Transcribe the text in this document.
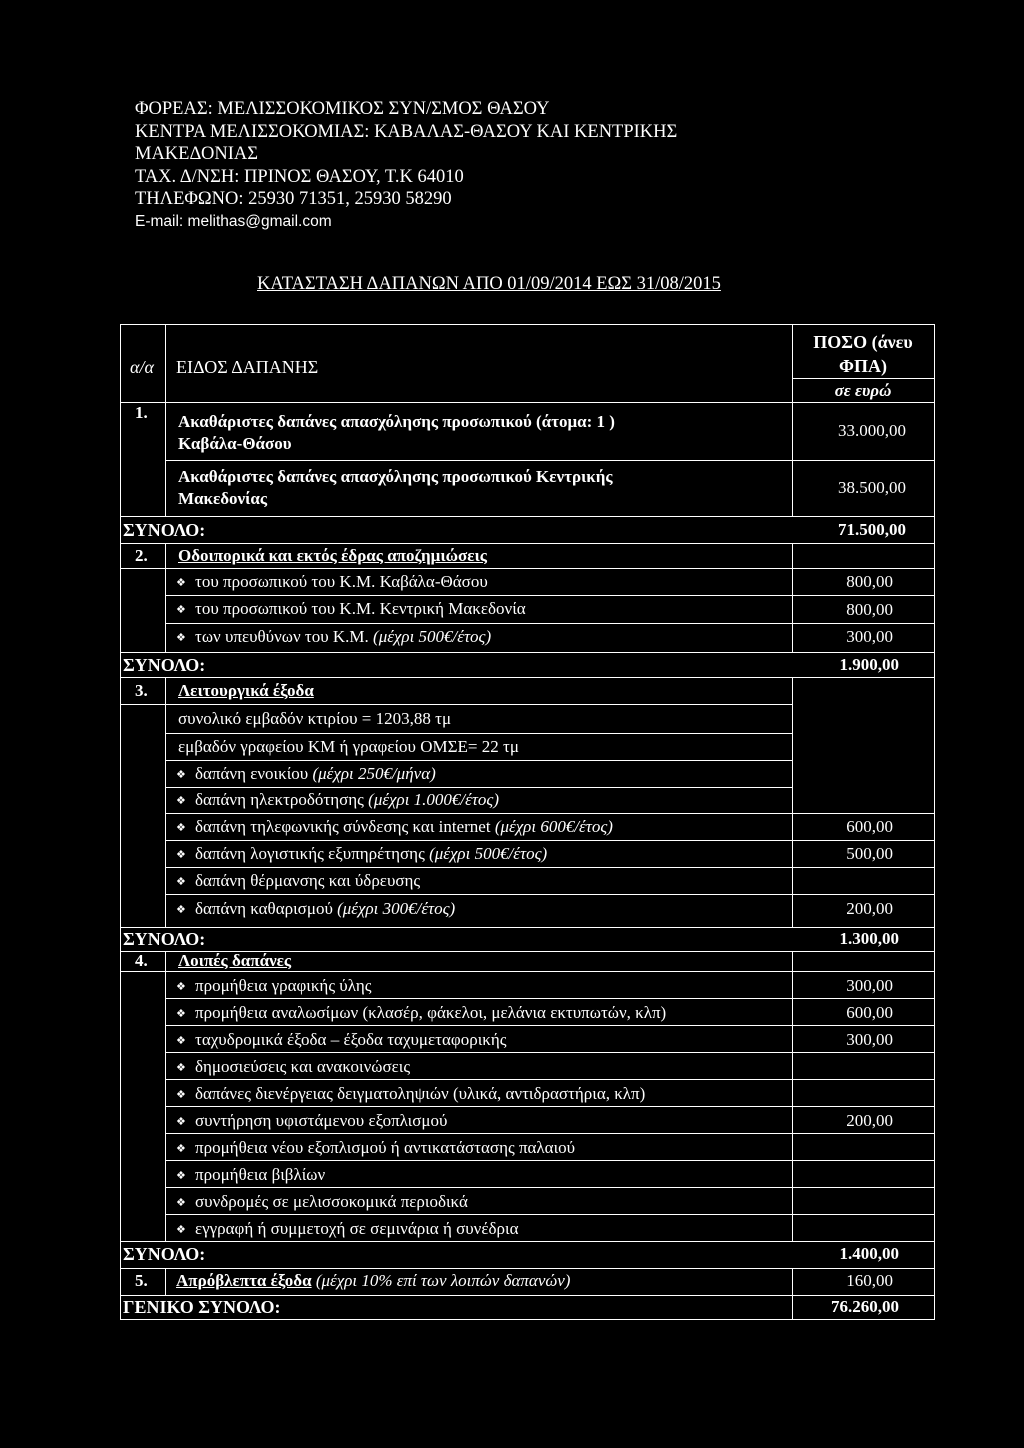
ΦΟΡΕΑΣ: ΜΕΛΙΣΣΟΚΟΜΙΚΟΣ ΣΥΝ/ΣΜΟΣ ΘΑΣΟΥ
ΚΕΝΤΡΑ ΜΕΛΙΣΣΟΚΟΜΙΑΣ: ΚΑΒΑΛΑΣ-ΘΑΣΟΥ ΚΑΙ ΚΕΝΤΡΙΚΗΣ
ΜΑΚΕΔΟΝΙΑΣ
ΤΑΧ. Δ/ΝΣΗ: ΠΡΙΝΟΣ ΘΑΣΟΥ, Τ.Κ 64010
ΤΗΛΕΦΩΝΟ: 25930 71351, 25930 58290
E-mail: melithas@gmail.com
ΚΑΤΑΣΤΑΣΗ ΔΑΠΑΝΩΝ ΑΠΟ 01/09/2014 ΕΩΣ 31/08/2015
α/α ΕΙΔΟΣ ΔΑΠΑΝΗΣ
ΠΟΣΟ (άνευ
ΦΠΑ)
σε ευρώ
1. Ακαθάριστες δαπάνες απασχόλησης προσωπικού (άτομα: 1 )
Καβάλα-Θάσου
33.000,00
Ακαθάριστες δαπάνες απασχόλησης προσωπικού Κεντρικής
Μακεδονίας
38.500,00
ΣΥΝΟΛΟ:	71.500,00
2. Οδοιπορικά και εκτός έδρας αποζημιώσεις
❖ του προσωπικού του Κ.Μ. Καβάλα-Θάσου	800,00
❖ του προσωπικού του Κ.Μ. Κεντρική Μακεδονία	800,00
❖ των υπευθύνων του Κ.Μ. (μέχρι 500€/έτος)	300,00
ΣΥΝΟΛΟ:	1.900,00
3. Λειτουργικά έξοδα
συνολικό εμβαδόν κτιρίου = 1203,88 τμ
εμβαδόν γραφείου ΚΜ ή γραφείου ΟΜΣΕ= 22 τμ
❖ δαπάνη ενοικίου (μέχρι 250€/μήνα)
❖ δαπάνη ηλεκτροδότησης (μέχρι 1.000€/έτος)
❖ δαπάνη τηλεφωνικής σύνδεσης και internet (μέχρι 600€/έτος)	600,00
❖ δαπάνη λογιστικής εξυπηρέτησης (μέχρι 500€/έτος)	500,00
❖ δαπάνη θέρμανσης και ύδρευσης
❖ δαπάνη καθαρισμού (μέχρι 300€/έτος)	200,00
ΣΥΝΟΛΟ:	1.300,00
4. Λοιπές δαπάνες
❖ προμήθεια γραφικής ύλης	300,00
❖ προμήθεια αναλωσίμων (κλασέρ, φάκελοι, μελάνια εκτυπωτών, κλπ)	600,00
❖ ταχυδρομικά έξοδα – έξοδα ταχυμεταφορικής	300,00
❖ δημοσιεύσεις και ανακοινώσεις
❖ δαπάνες διενέργειας δειγματοληψιών (υλικά, αντιδραστήρια, κλπ)
❖ συντήρηση υφιστάμενου εξοπλισμού	200,00
❖ προμήθεια νέου εξοπλισμού ή αντικατάστασης παλαιού
❖ προμήθεια βιβλίων
❖ συνδρομές σε μελισσοκομικά περιοδικά
❖ εγγραφή ή συμμετοχή σε σεμινάρια ή συνέδρια
ΣΥΝΟΛΟ:	1.400,00
5. Απρόβλεπτα έξοδα (μέχρι 10% επί των λοιπών δαπανών)	160,00
ΓΕΝΙΚΟ ΣΥΝΟΛΟ:	76.260,00
